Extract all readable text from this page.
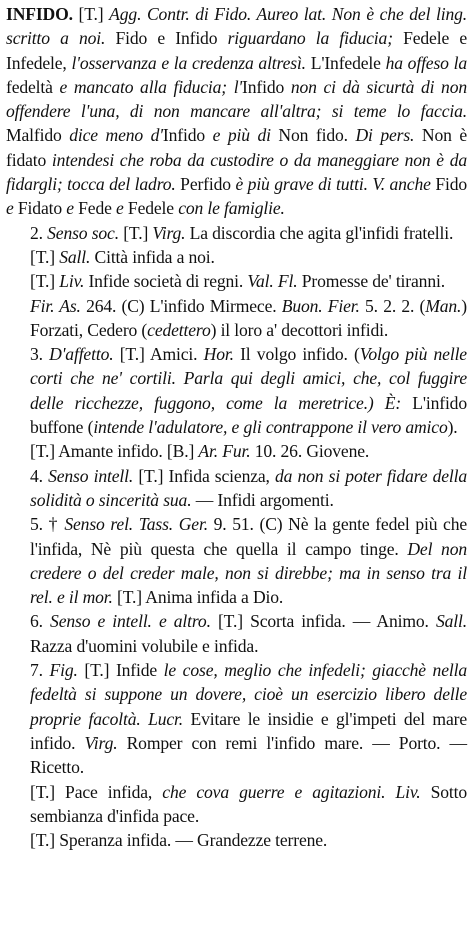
INFIDO. [T.] Agg. Contr. di Fido. Aureo lat. Non è che del ling. scritto a noi. Fido e Infido riguardano la fiducia; Fedele e Infedele, l'osservanza e la credenza altresì. L'Infedele ha offeso la fedeltà e mancato alla fiducia; l'Infido non ci dà sicurtà di non offendere l'una, di non mancare all'altra; si teme lo faccia. Malfido dice meno d'Infido e più di Non fido. Di pers. Non è fidato intendesi che roba da custodire o da maneggiare non è da fidargli; tocca del ladro. Perfido è più grave di tutti. V. anche Fido e Fidato e Fede e Fedele con le famiglie.

2. Senso soc. [T.] Virg. La discordia che agita gl'infidi fratelli.

[T.] Sall. Città infida a noi.

[T.] Liv. Infide società di regni. Val. Fl. Promesse de' tiranni.

Fir. As. 264. (C) L'infido Mirmece. Buon. Fier. 5. 2. 2. (Man.) Forzati, Cedero (cedettero) il loro a' decottori infidi.

3. D'affetto. [T.] Amici. Hor. Il volgo infido. (Volgo più nelle corti che ne' cortili. Parla qui degli amici, che, col fuggire delle ricchezze, fuggono, come la meretrice.) È: L'infido buffone (intende l'adulatore, e gli contrappone il vero amico).

[T.] Amante infido. [B.] Ar. Fur. 10. 26. Giovene.

4. Senso intell. [T.] Infida scienza, da non si poter fidare della solidità o sincerità sua. — Infidi argomenti.

5. † Senso rel. Tass. Ger. 9. 51. (C) Nè la gente fedel più che l'infida, Nè più questa che quella il campo tinge. Del non credere o del creder male, non si direbbe; ma in senso tra il rel. e il mor. [T.] Anima infida a Dio.

6. Senso e intell. e altro. [T.] Scorta infida. — Animo. Sall. Razza d'uomini volubile e infida.

7. Fig. [T.] Infide le cose, meglio che infedeli; giacchè nella fedeltà si suppone un dovere, cioè un esercizio libero delle proprie facoltà. Lucr. Evitare le insidie e gl'impeti del mare infido. Virg. Romper con remi l'infido mare. — Porto. — Ricetto.

[T.] Pace infida, che cova guerre e agitazioni. Liv. Sotto sembianza d'infida pace.

[T.] Speranza infida. — Grandezze terrene.
